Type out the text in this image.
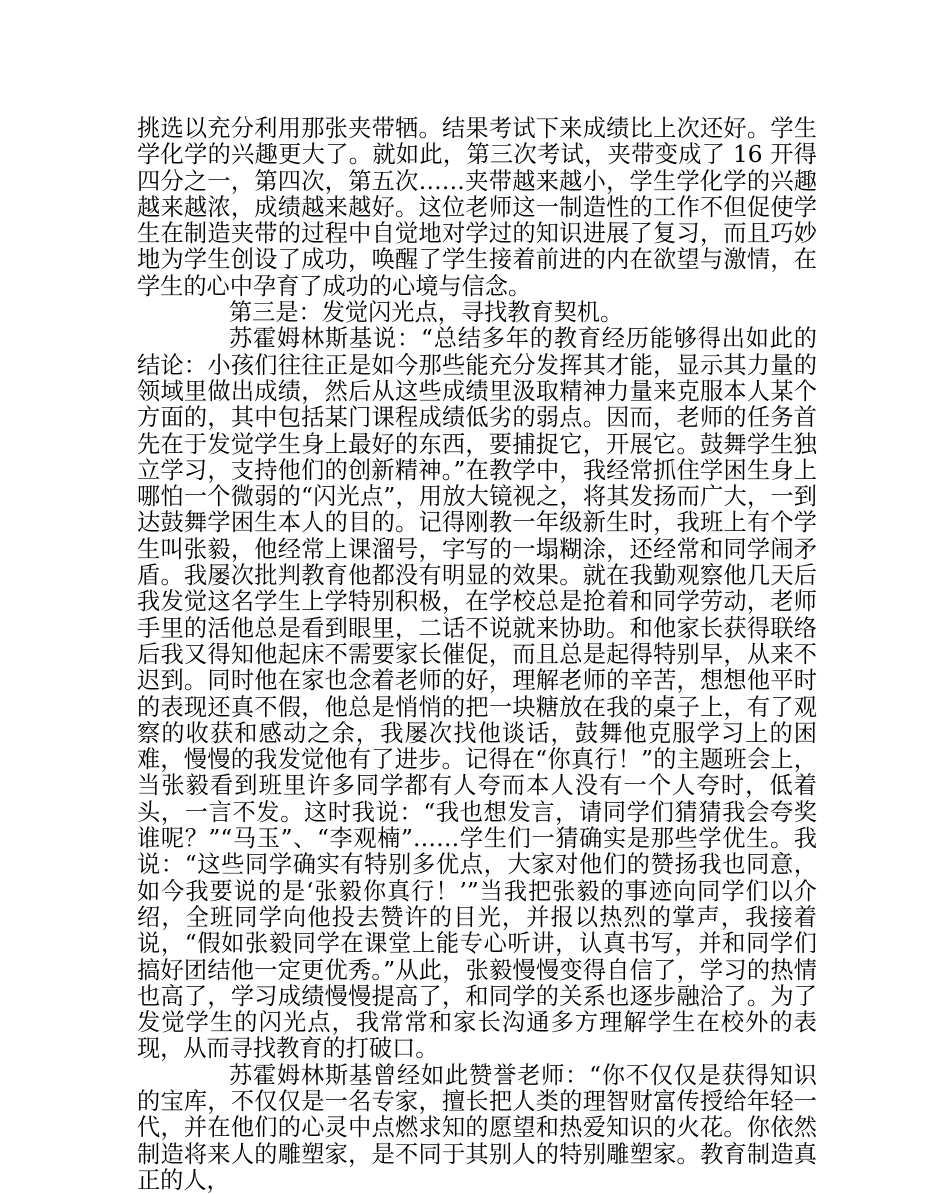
挑选以充分利用那张夹带牺。结果考试下来成绩比上次还好。学生学化学的兴趣更大了。就如此，第三次考试，夹带变成了 16 开得四分之一，第四次，第五次……夹带越来越小，学生学化学的兴趣越来越浓，成绩越来越好。这位老师这一制造性的工作不但促使学生在制造夹带的过程中自觉地对学过的知识进展了复习，而且巧妙地为学生创设了成功，唤醒了学生接着前进的内在欲望与激情，在学生的心中孕育了成功的心境与信念。

第三是：发觉闪光点，寻找教育契机。

苏霍姆林斯基说：“总结多年的教育经历能够得出如此的结论：小孩们往往正是如今那些能充分发挥其才能，显示其力量的领域里做出成绩，然后从这些成绩里汲取精神力量来克服本人某个方面的，其中包括某门课程成绩低劣的弱点。因而，老师的任务首先在于发觉学生身上最好的东西，要捕捉它，开展它。鼓舞学生独立学习，支持他们的创新精神。”在教学中，我经常抓住学困生身上哪怕一个微弱的“闪光点”，用放大镜视之，将其发扬而广大，一到达鼓舞学困生本人的目的。记得刚教一年级新生时，我班上有个学生叫张毅，他经常上课溜号，字写的一塌糊涂，还经常和同学闹矛盾。我屡次批判教育他都没有明显的效果。就在我勤观察他几天后我发觉这名学生上学特别积极，在学校总是抢着和同学劳动，老师手里的活他总是看到眼里，二话不说就来协助。和他家长获得联络后我又得知他起床不需要家长催促，而且总是起得特别早，从来不迟到。同时他在家也念着老师的好，理解老师的辛苦，想想他平时的表现还真不假，他总是悄悄的把一块糖放在我的桌子上，有了观察的收获和感动之余，我屡次找他谈话，鼓舞他克服学习上的困难，慢慢的我发觉他有了进步。记得在“你真行！”的主题班会上，当张毅看到班里许多同学都有人夸而本人没有一个人夸时，低着头，一言不发。这时我说：“我也想发言，请同学们猜猜我会夸奖谁呢？”“马玉”、“李观楠”……学生们一猜确实是那些学优生。我说：“这些同学确实有特别多优点，大家对他们的赞扬我也同意，如今我要说的是‘张毅你真行！’”当我把张毅的事迹向同学们以介绍，全班同学向他投去赞许的目光，并报以热烈的掌声，我接着说，“假如张毅同学在课堂上能专心听讲，认真书写，并和同学们搞好团结他一定更优秀。”从此，张毅慢慢变得自信了，学习的热情也高了，学习成绩慢慢提高了，和同学的关系也逐步融洽了。为了发觉学生的闪光点，我常常和家长沟通多方理解学生在校外的表现，从而寻找教育的打破口。

苏霍姆林斯基曾经如此赞誉老师：“你不仅仅是获得知识的宝库，不仅仅是一名专家，擅长把人类的理智财富传授给年轻一代，并在他们的心灵中点燃求知的愿望和热爱知识的火花。你依然制造将来人的雕塑家，是不同于其别人的特别雕塑家。教育制造真正的人，
